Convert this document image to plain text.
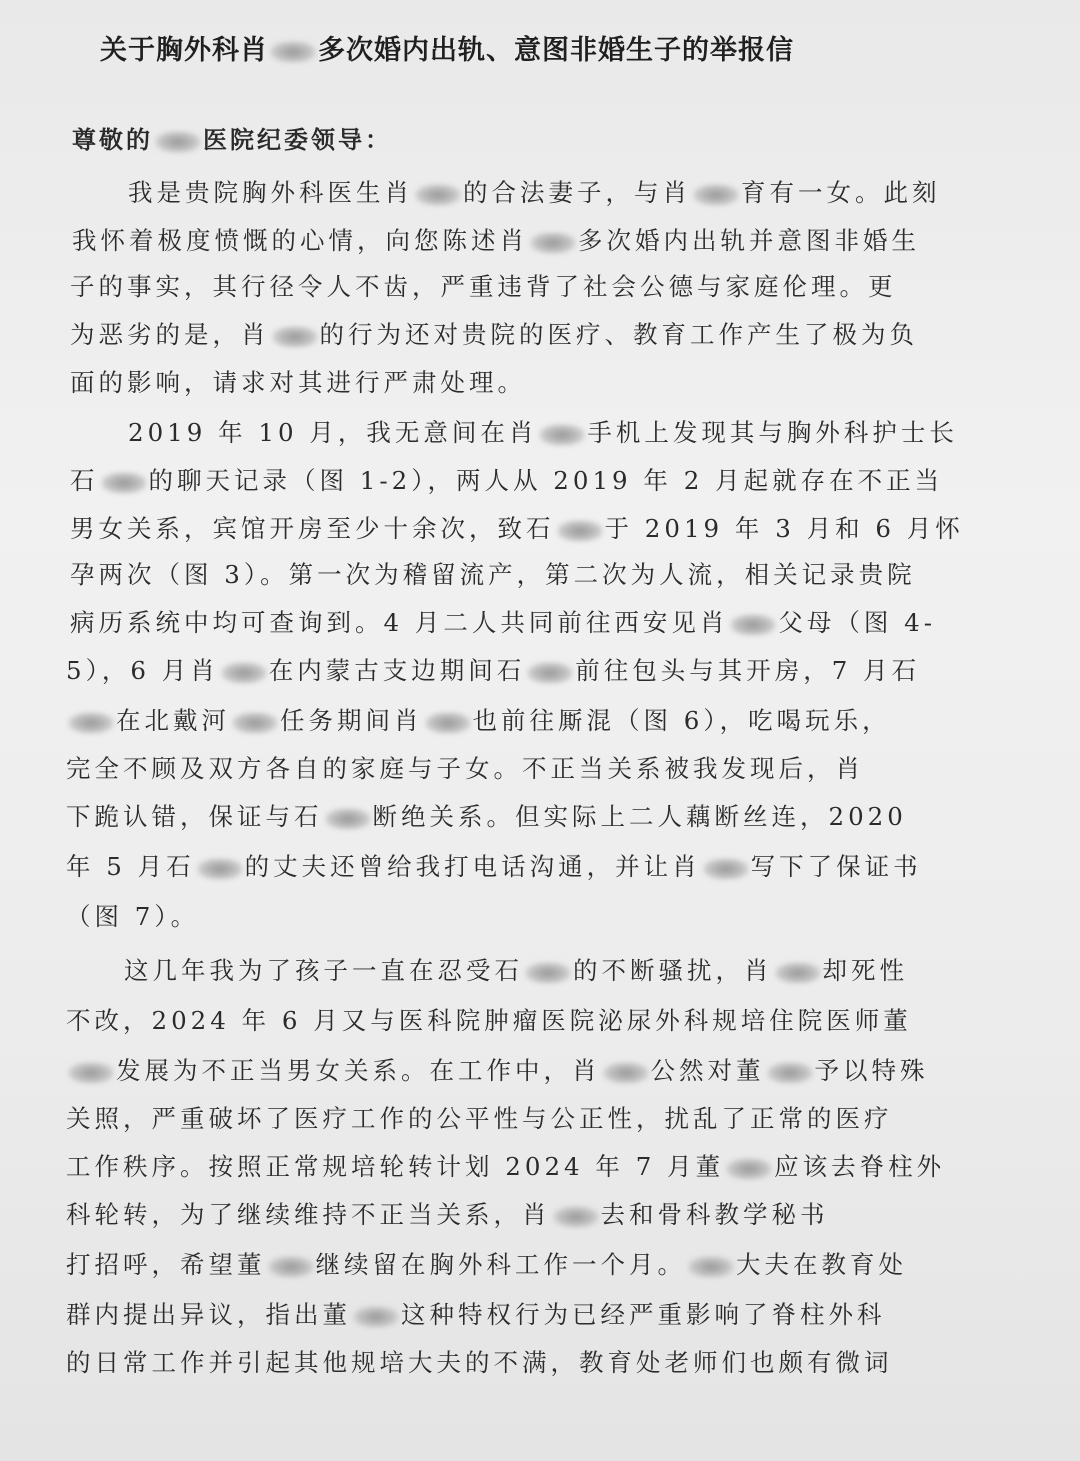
关于胸外科肖 多次婚内出轨、意图非婚生子的举报信
尊敬的 医院纪委领导：
我是贵院胸外科医生肖 的合法妻子，与肖 育有一女。此刻
我怀着极度愤慨的心情，向您陈述肖 多次婚内出轨并意图非婚生
子的事实，其行径令人不齿，严重违背了社会公德与家庭伦理。更
为恶劣的是，肖 的行为还对贵院的医疗、教育工作产生了极为负
面的影响，请求对其进行严肃处理。
2019 年 10 月，我无意间在肖 手机上发现其与胸外科护士长
石 的聊天记录（图 1-2），两人从 2019 年 2 月起就存在不正当
男女关系，宾馆开房至少十余次，致石 于 2019 年 3 月和 6 月怀
孕两次（图 3）。第一次为稽留流产，第二次为人流，相关记录贵院
病历系统中均可查询到。4 月二人共同前往西安见肖 父母（图 4-
5），6 月肖 在内蒙古支边期间石 前往包头与其开房，7 月石
在北戴河 任务期间肖 也前往厮混（图 6），吃喝玩乐，
完全不顾及双方各自的家庭与子女。不正当关系被我发现后，肖
下跪认错，保证与石 断绝关系。但实际上二人藕断丝连，2020
年 5 月石 的丈夫还曾给我打电话沟通，并让肖 写下了保证书
（图 7）。
这几年我为了孩子一直在忍受石 的不断骚扰，肖 却死性
不改，2024 年 6 月又与医科院肿瘤医院泌尿外科规培住院医师董
发展为不正当男女关系。在工作中，肖 公然对董 予以特殊
关照，严重破坏了医疗工作的公平性与公正性，扰乱了正常的医疗
工作秩序。按照正常规培轮转计划 2024 年 7 月董 应该去脊柱外
科轮转，为了继续维持不正当关系，肖 去和骨科教学秘书
打招呼，希望董 继续留在胸外科工作一个月。 大夫在教育处
群内提出异议，指出董 这种特权行为已经严重影响了脊柱外科
的日常工作并引起其他规培大夫的不满，教育处老师们也颇有微词
